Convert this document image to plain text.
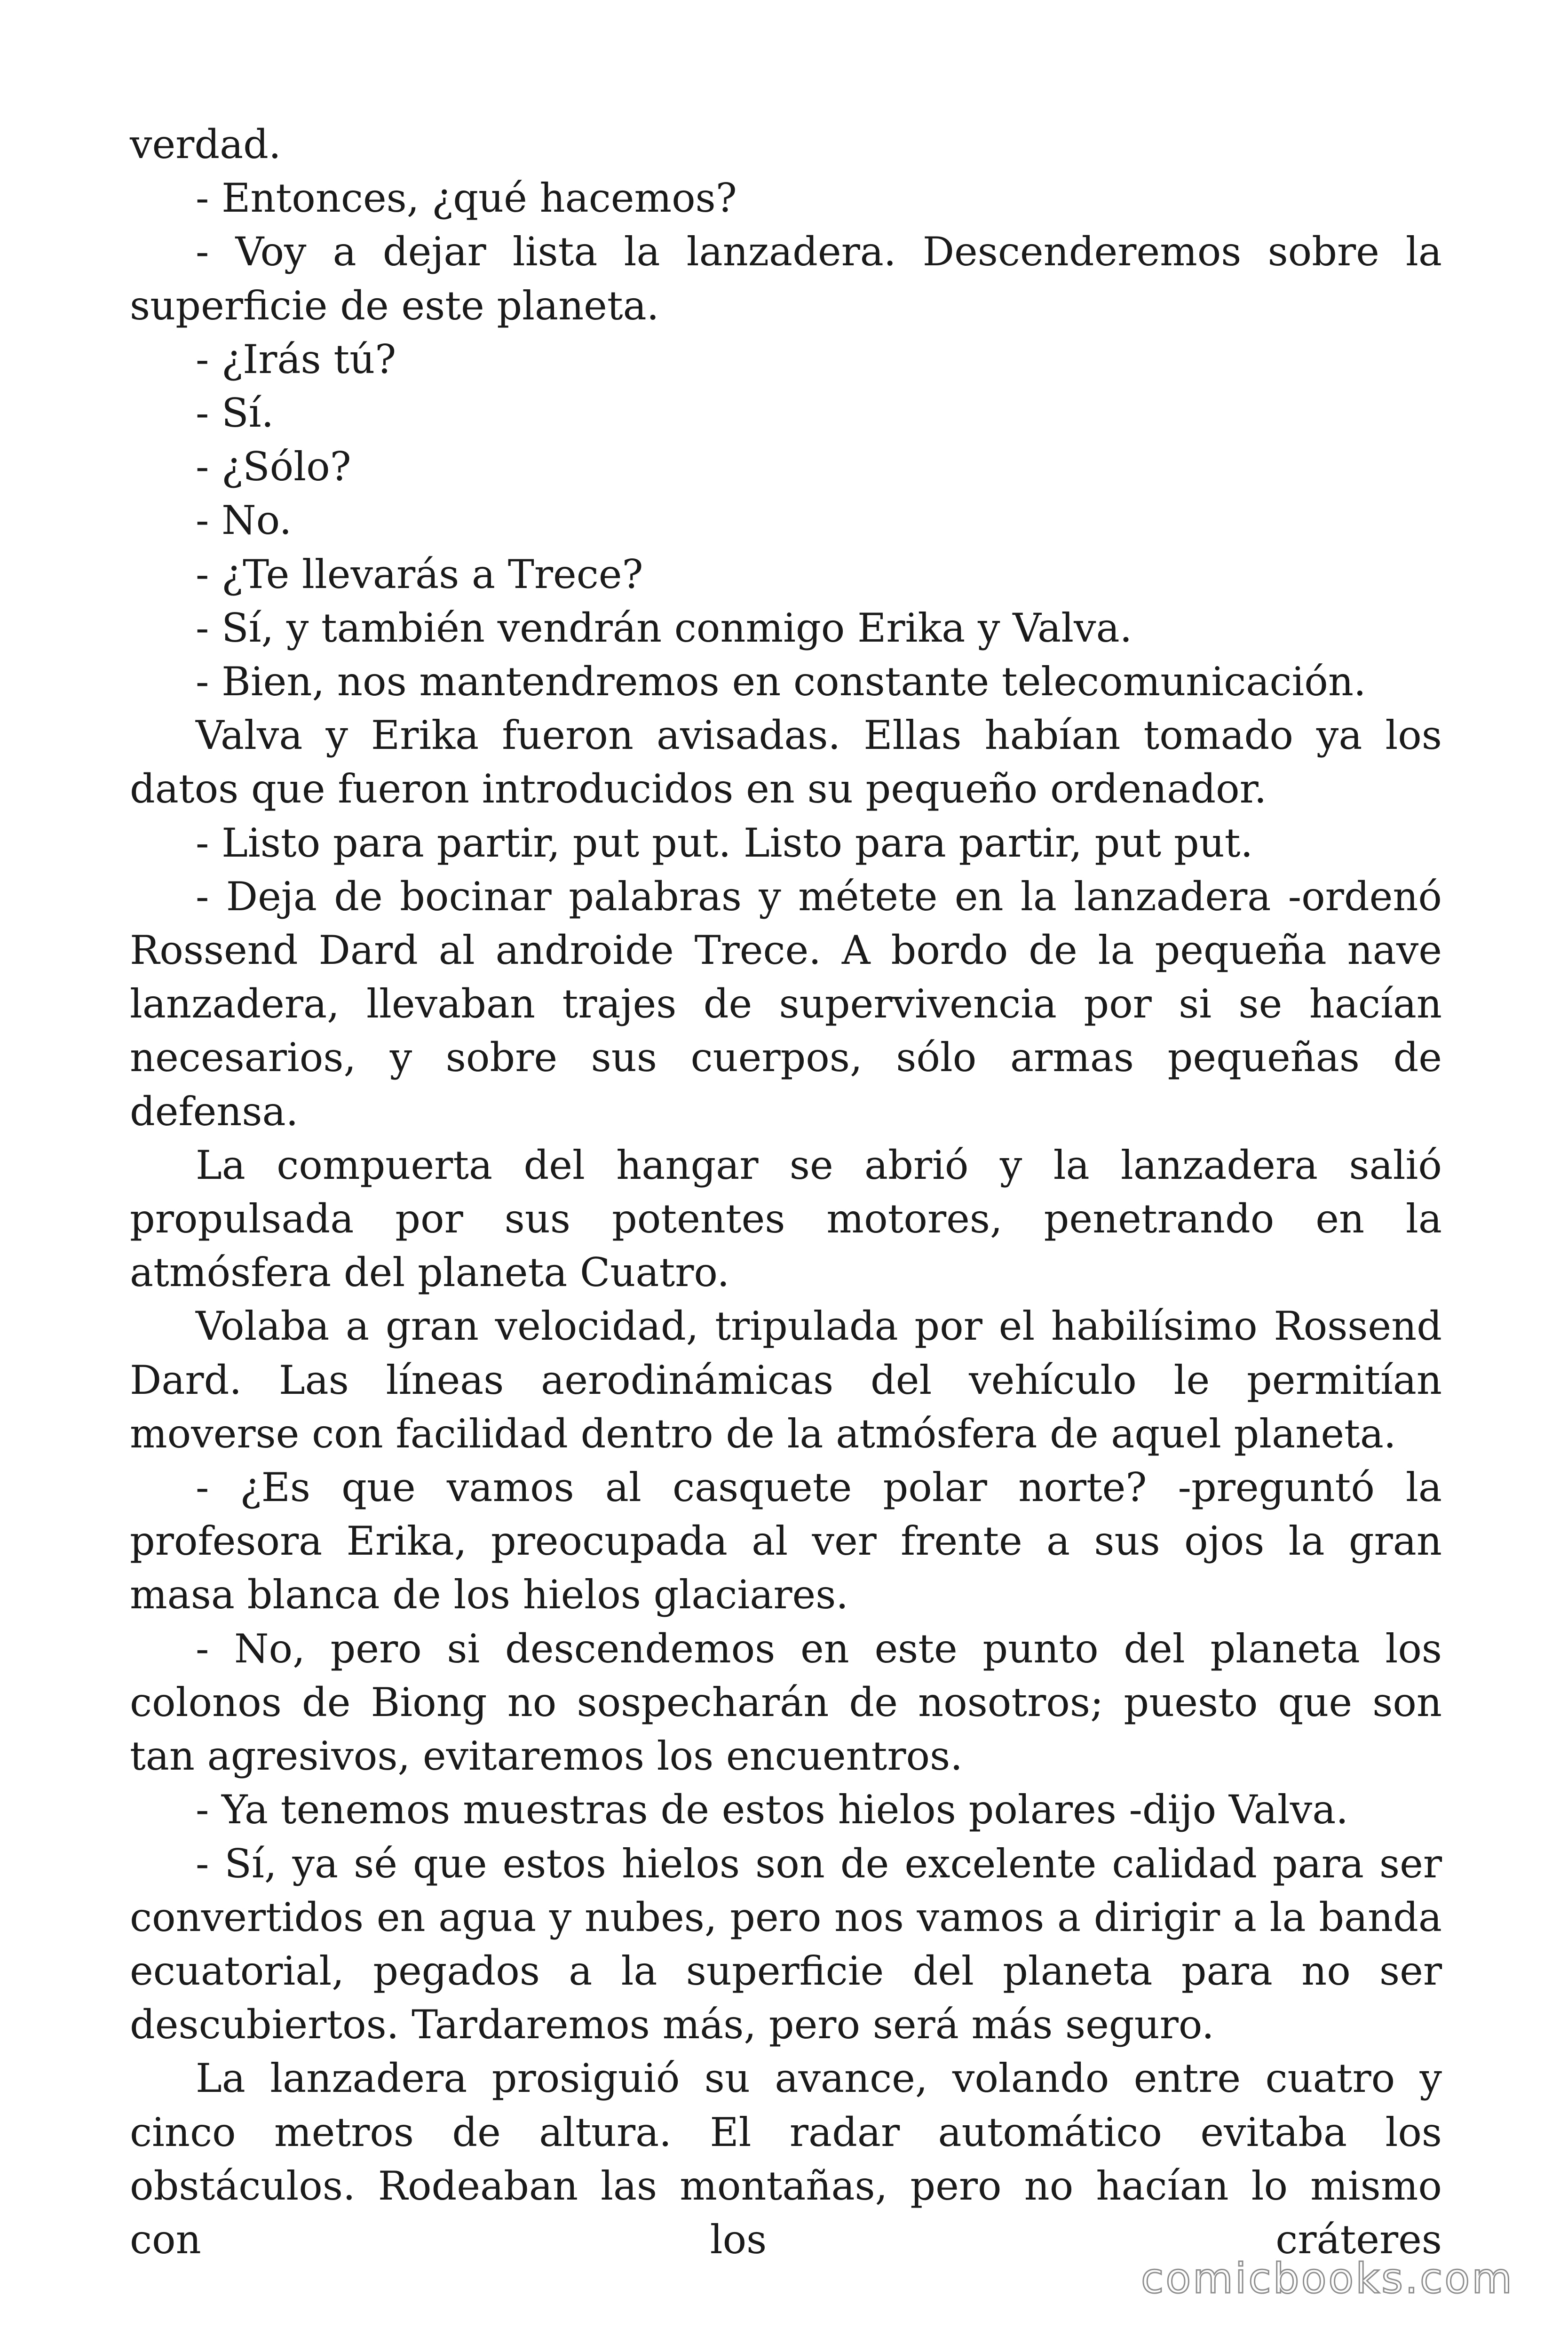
verdad.

- Entonces, ¿qué hacemos?

- Voy a dejar lista la lanzadera. Descenderemos sobre la superficie de este planeta.

- ¿Irás tú?

- Sí.

- ¿Sólo?

- No.

- ¿Te llevarás a Trece?

- Sí, y también vendrán conmigo Erika y Valva.

- Bien, nos mantendremos en constante telecomunicación.

Valva y Erika fueron avisadas. Ellas habían tomado ya los datos que fueron introducidos en su pequeño ordenador.

- Listo para partir, put put. Listo para partir, put put.

- Deja de bocinar palabras y métete en la lanzadera -ordenó Rossend Dard al androide Trece. A bordo de la pequeña nave lanzadera, llevaban trajes de supervivencia por si se hacían necesarios, y sobre sus cuerpos, sólo armas pequeñas de defensa.

La compuerta del hangar se abrió y la lanzadera salió propulsada por sus potentes motores, penetrando en la atmósfera del planeta Cuatro.

Volaba a gran velocidad, tripulada por el habilísimo Rossend Dard. Las líneas aerodinámicas del vehículo le permitían moverse con facilidad dentro de la atmósfera de aquel planeta.

- ¿Es que vamos al casquete polar norte? -preguntó la profesora Erika, preocupada al ver frente a sus ojos la gran masa blanca de los hielos glaciares.

- No, pero si descendemos en este punto del planeta los colonos de Biong no sospecharán de nosotros; puesto que son tan agresivos, evitaremos los encuentros.

- Ya tenemos muestras de estos hielos polares -dijo Valva.

- Sí, ya sé que estos hielos son de excelente calidad para ser convertidos en agua y nubes, pero nos vamos a dirigir a la banda ecuatorial, pegados a la superficie del planeta para no ser descubiertos. Tardaremos más, pero será más seguro.

La lanzadera prosiguió su avance, volando entre cuatro y cinco metros de altura. El radar automático evitaba los obstáculos. Rodeaban las montañas, pero no hacían lo mismo con los cráteres

comicbooks.com
